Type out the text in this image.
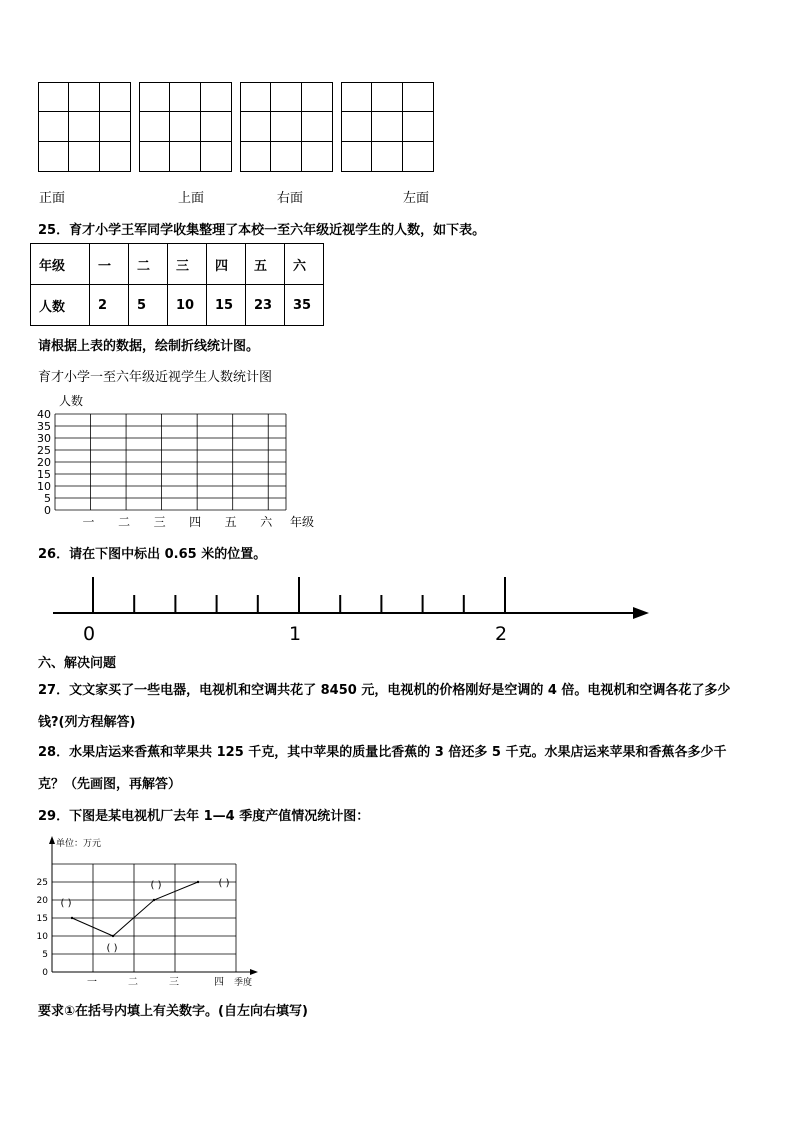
正面	上面	右面	左面
25．育才小学王军同学收集整理了本校一至六年级近视学生的人数，如下表。
年级	一	二	三	四	五	六
人数	2	5	10	15	23	35
请根据上表的数据，绘制折线统计图。
育才小学一至六年级近视学生人数统计图
0
5
10
15
20
25
30
35
40
一 二 三 四 五 六 年级
人数
26．请在下图中标出 0.65 米的位置。
0	1	2
六、解决问题
27．文文家买了一些电器，电视机和空调共花了 8450 元，电视机的价格刚好是空调的 4 倍。电视机和空调各花了多少
钱?(列方程解答)
28．水果店运来香蕉和苹果共 125 千克，其中苹果的质量比香蕉的 3 倍还多 5 千克。水果店运来苹果和香蕉各多少千
克？（先画图，再解答）
29．下图是某电视机厂去年 1—4 季度产值情况统计图：
0
5
10
15
20
25
一	二	三	四 季度
单位：万元
( )
( )
( )	( )
要求①在括号内填上有关数字。(自左向右填写)
